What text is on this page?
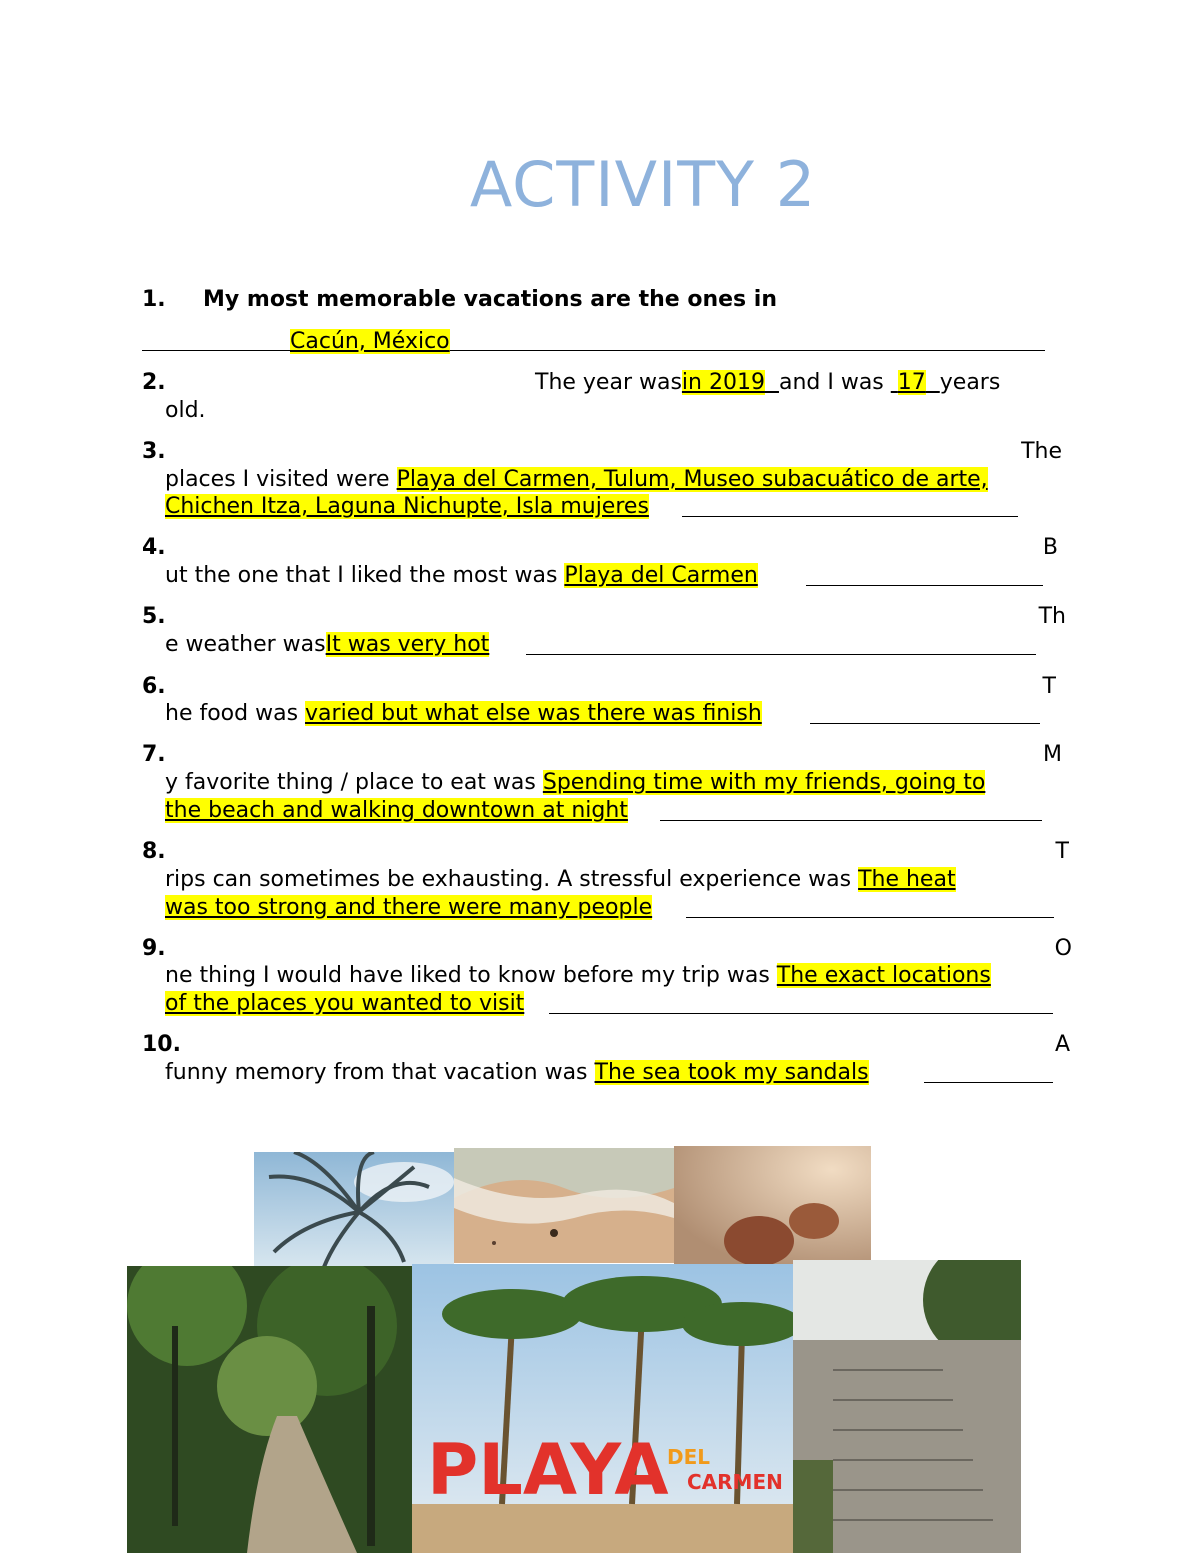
ACTIVITY 2
1. My most memorable vacations are the ones in
Cacún, México
2.	The year wasin 2019 and I was  17 years
old.
3.	The
places I visited were Playa del Carmen, Tulum, Museo subacuático de arte,
Chichen Itza, Laguna Nichupte, Isla mujeres
4.	B
ut the one that I liked the most was Playa del Carmen
5.	Th
e weather wasIt was very hot
6.	T
he food was varied but what else was there was finish
7.	M
y favorite thing / place to eat was Spending time with my friends, going to
the beach and walking downtown at night
8.	T
rips can sometimes be exhausting. A stressful experience was The heat
was too strong and there were many people
9.	O
ne thing I would have liked to know before my trip was The exact locations
of the places you wanted to visit
10.	A
funny memory from that vacation was The sea took my sandals
PLAYA
DEL
CARMEN
